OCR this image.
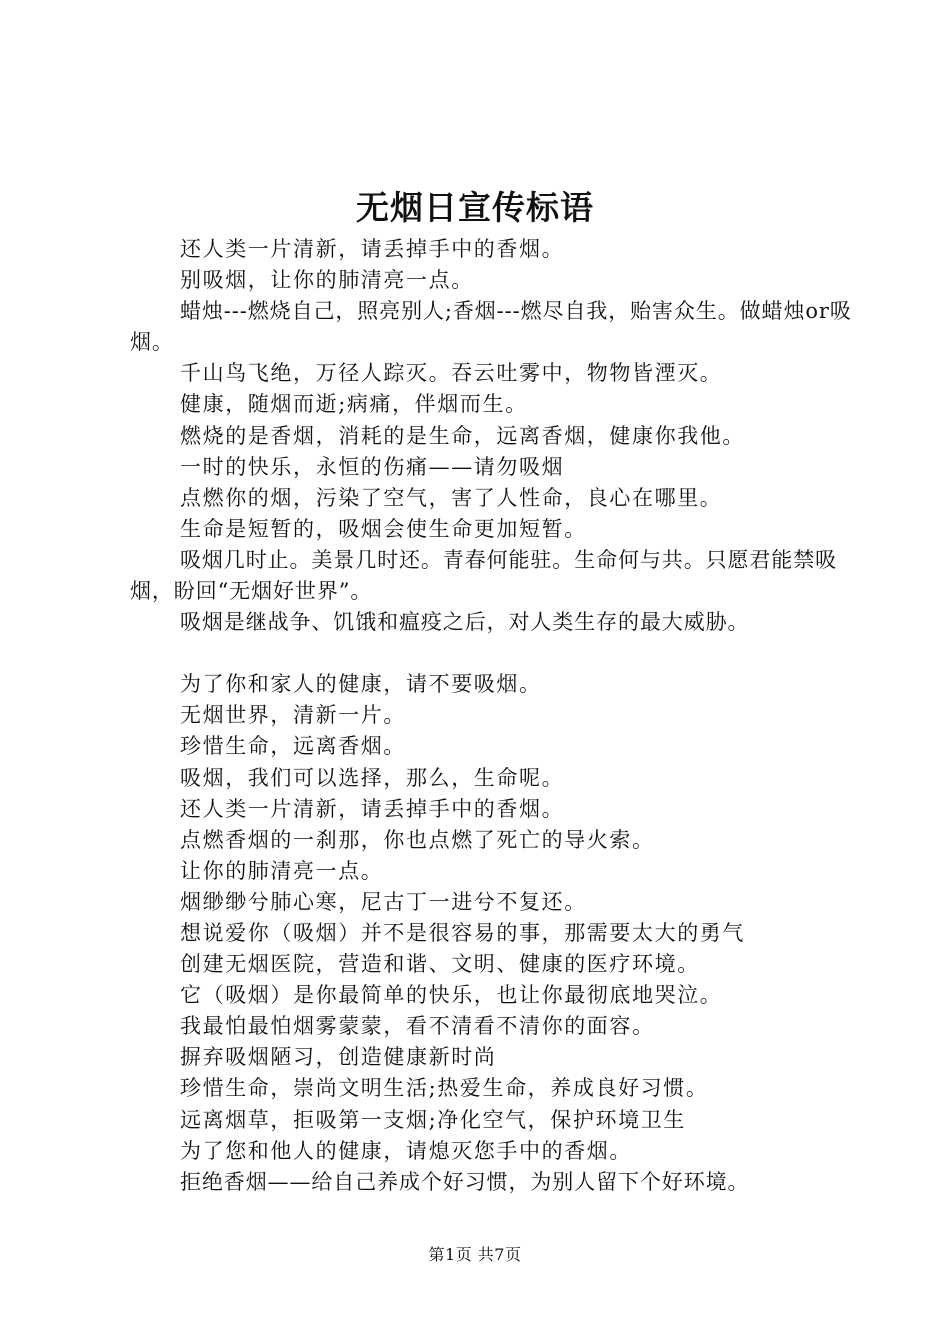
无烟日宣传标语

还人类一片清新，请丢掉手中的香烟。

别吸烟，让你的肺清亮一点。

蜡烛---燃烧自己，照亮别人;香烟---燃尽自我，贻害众生。做蜡烛or吸烟。

千山鸟飞绝，万径人踪灭。吞云吐雾中，物物皆湮灭。

健康，随烟而逝;病痛，伴烟而生。

燃烧的是香烟，消耗的是生命，远离香烟，健康你我他。

一时的快乐，永恒的伤痛——请勿吸烟

点燃你的烟，污染了空气，害了人性命，良心在哪里。

生命是短暂的，吸烟会使生命更加短暂。

吸烟几时止。美景几时还。青春何能驻。生命何与共。只愿君能禁吸烟，盼回“无烟好世界”。

吸烟是继战争、饥饿和瘟疫之后，对人类生存的最大威胁。

为了你和家人的健康，请不要吸烟。

无烟世界，清新一片。

珍惜生命，远离香烟。

吸烟，我们可以选择，那么，生命呢。

还人类一片清新，请丢掉手中的香烟。

点燃香烟的一刹那，你也点燃了死亡的导火索。

让你的肺清亮一点。

烟缈缈兮肺心寒，尼古丁一进兮不复还。

想说爱你（吸烟）并不是很容易的事，那需要太大的勇气

创建无烟医院，营造和谐、文明、健康的医疗环境。

它（吸烟）是你最简单的快乐，也让你最彻底地哭泣。

我最怕最怕烟雾蒙蒙，看不清看不清你的面容。

摒弃吸烟陋习，创造健康新时尚

珍惜生命，崇尚文明生活;热爱生命，养成良好习惯。

远离烟草，拒吸第一支烟;净化空气，保护环境卫生

为了您和他人的健康，请熄灭您手中的香烟。

拒绝香烟——给自己养成个好习惯，为别人留下个好环境。

第1页 共7页
